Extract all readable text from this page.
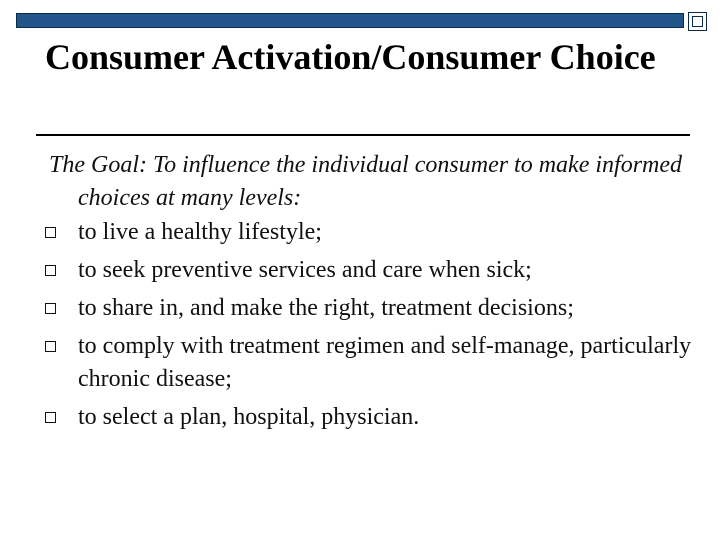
Consumer Activation/Consumer Choice

The Goal: To influence the individual consumer to make informed choices at many levels:

to live a healthy lifestyle;
to seek preventive services and care when sick;
to share in, and make the right, treatment decisions;
to comply with treatment regimen and self-manage, particularly chronic disease;
to select a plan, hospital, physician.
